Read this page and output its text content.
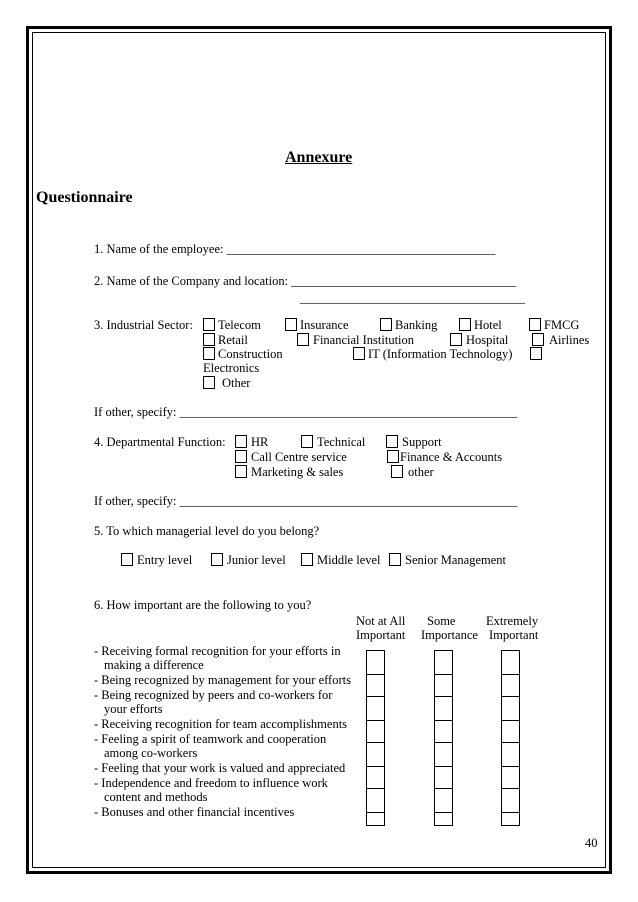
Annexure
Questionnaire
1. Name of the employee: ___________________________________________
2. Name of the Company and location: ____________________________________
____________________________________
3. Industrial Sector: Telecom	Insurance	Banking	Hotel	FMCG
Retail	Financial Institution	Hospital	Airlines
Construction	IT (Information Technology)
Electronics
Other
If other, specify: ______________________________________________________
4. Departmental Function: HR	Technical	Support
Call Centre service	Finance & Accounts
Marketing & sales	other
If other, specify: ______________________________________________________
5. To which managerial level do you belong?
Entry level	Junior level	Middle level Senior Management
6. How important are the following to you?
Not at All
Important
Some
Importance
Extremely
Important
- Receiving formal recognition for your efforts in
making a difference
- Being recognized by management for your efforts
- Being recognized by peers and co-workers for
your efforts
- Receiving recognition for team accomplishments
- Feeling a spirit of teamwork and cooperation
among co-workers
- Feeling that your work is valued and appreciated
- Independence and freedom to influence work
content and methods
- Bonuses and other financial incentives
40
